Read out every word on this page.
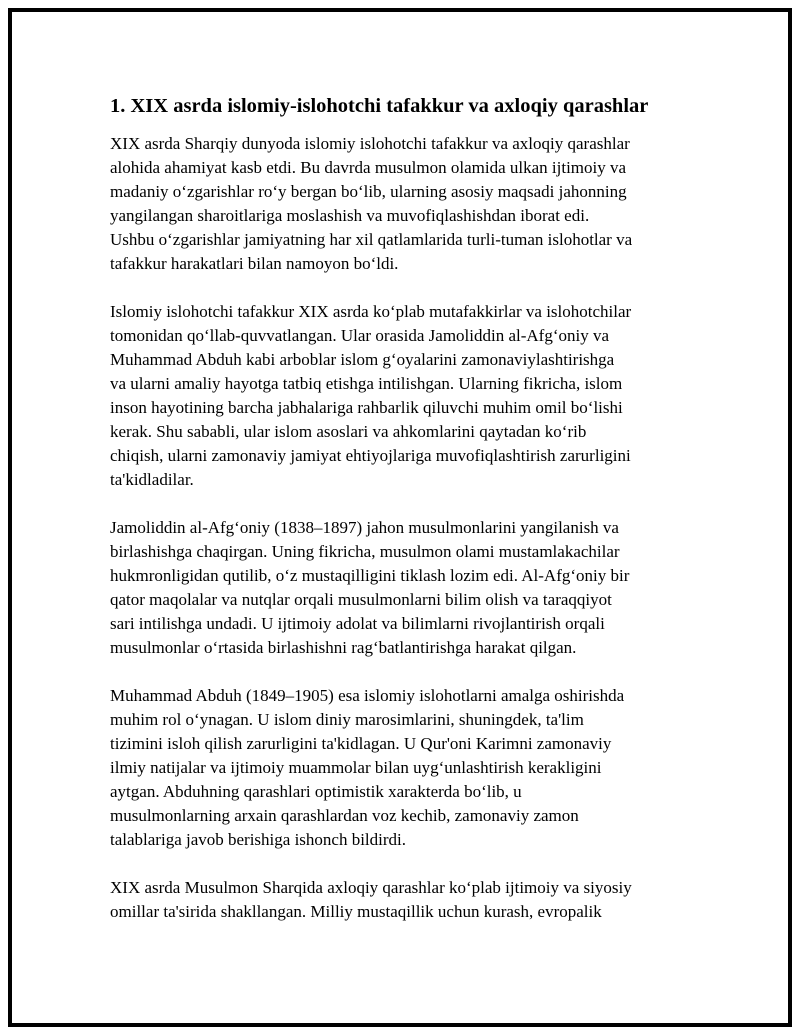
1. XIX asrda islomiy-islohotchi tafakkur va axloqiy qarashlar

XIX asrda Sharqiy dunyoda islomiy islohotchi tafakkur va axloqiy qarashlar
alohida ahamiyat kasb etdi. Bu davrda musulmon olamida ulkan ijtimoiy va
madaniy oʻzgarishlar roʻy bergan boʻlib, ularning asosiy maqsadi jahonning
yangilangan sharoitlariga moslashish va muvofiqlashishdan iborat edi.
Ushbu oʻzgarishlar jamiyatning har xil qatlamlarida turli-tuman islohotlar va
tafakkur harakatlari bilan namoyon boʻldi.

Islomiy islohotchi tafakkur XIX asrda koʻplab mutafakkirlar va islohotchilar
tomonidan qoʻllab-quvvatlangan. Ular orasida Jamoliddin al-Afgʻoniy va
Muhammad Abduh kabi arboblar islom gʻoyalarini zamonaviylashtirishga
va ularni amaliy hayotga tatbiq etishga intilishgan. Ularning fikricha, islom
inson hayotining barcha jabhalariga rahbarlik qiluvchi muhim omil boʻlishi
kerak. Shu sababli, ular islom asoslari va ahkomlarini qaytadan koʻrib
chiqish, ularni zamonaviy jamiyat ehtiyojlariga muvofiqlashtirish zarurligini
ta'kidladilar.

Jamoliddin al-Afgʻoniy (1838–1897) jahon musulmonlarini yangilanish va
birlashishga chaqirgan. Uning fikricha, musulmon olami mustamlakachilar
hukmronligidan qutilib, oʻz mustaqilligini tiklash lozim edi. Al-Afgʻoniy bir
qator maqolalar va nutqlar orqali musulmonlarni bilim olish va taraqqiyot
sari intilishga undadi. U ijtimoiy adolat va bilimlarni rivojlantirish orqali
musulmonlar oʻrtasida birlashishni ragʻbatlantirishga harakat qilgan.

Muhammad Abduh (1849–1905) esa islomiy islohotlarni amalga oshirishda
muhim rol oʻynagan. U islom diniy marosimlarini, shuningdek, ta'lim
tizimini isloh qilish zarurligini ta'kidlagan. U Qur'oni Karimni zamonaviy
ilmiy natijalar va ijtimoiy muammolar bilan uygʻunlashtirish kerakligini
aytgan. Abduhning qarashlari optimistik xarakterda boʻlib, u
musulmonlarning arxain qarashlardan voz kechib, zamonaviy zamon
talablariga javob berishiga ishonch bildirdi.

XIX asrda Musulmon Sharqida axloqiy qarashlar koʻplab ijtimoiy va siyosiy
omillar ta'sirida shakllangan. Milliy mustaqillik uchun kurash, evropalik
